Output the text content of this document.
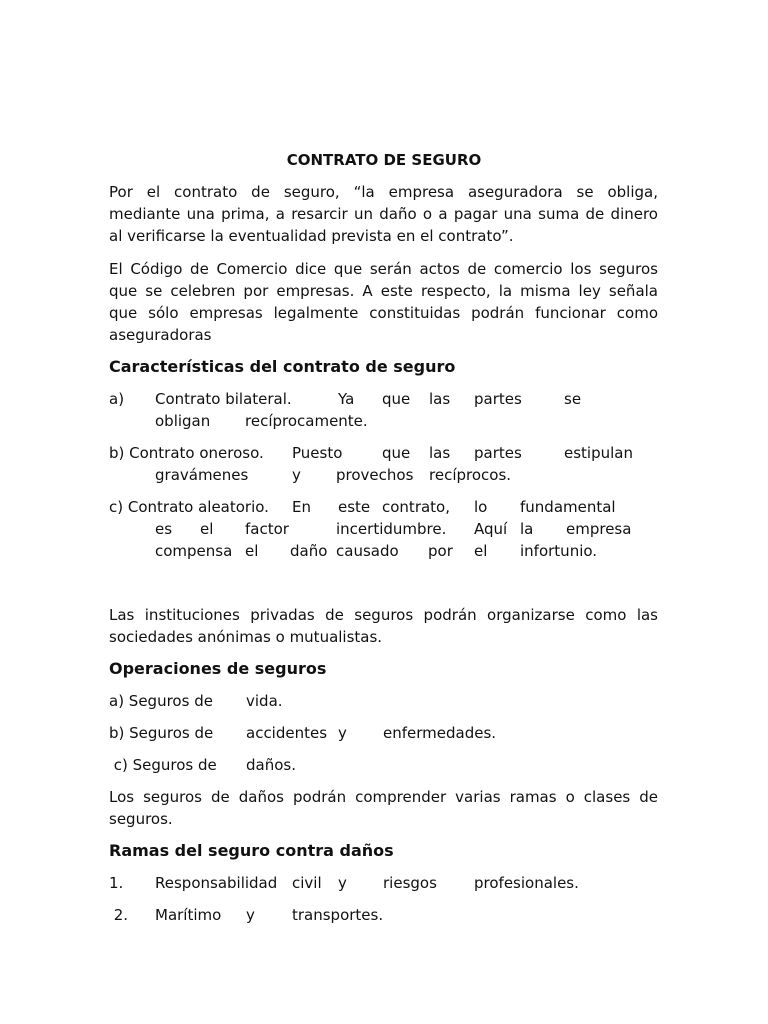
CONTRATO DE SEGURO
Por el contrato de seguro, “la empresa aseguradora se obliga,
mediante una prima, a resarcir un daño o a pagar una suma de dinero
al verificarse la eventualidad prevista en el contrato”.
El Código de Comercio dice que serán actos de comercio los seguros
que se celebren por empresas. A este respecto, la misma ley señala
que sólo empresas legalmente constituidas podrán funcionar como
aseguradoras
Características del contrato de seguro
a) Contrato bilateral.	Ya que las partes	se
obligan recíprocamente.
b) Contrato oneroso. Puesto	que las partes	estipulan
gravámenes	y provechos recíprocos.
c) Contrato aleatorio. En este contrato, lo fundamental
es el factor	incertidumbre. Aquí la empresa
compensa el daño causado por el infortunio.
Las instituciones privadas de seguros podrán organizarse como las
sociedades anónimas o mutualistas.
Operaciones de seguros
a) Seguros de vida.
b) Seguros de accidentes y enfermedades.
c) Seguros de daños.
Los seguros de daños podrán comprender varias ramas o clases de
seguros.
Ramas del seguro contra daños
1. Responsabilidad civil y riesgos profesionales.
2. Marítimo y transportes.
